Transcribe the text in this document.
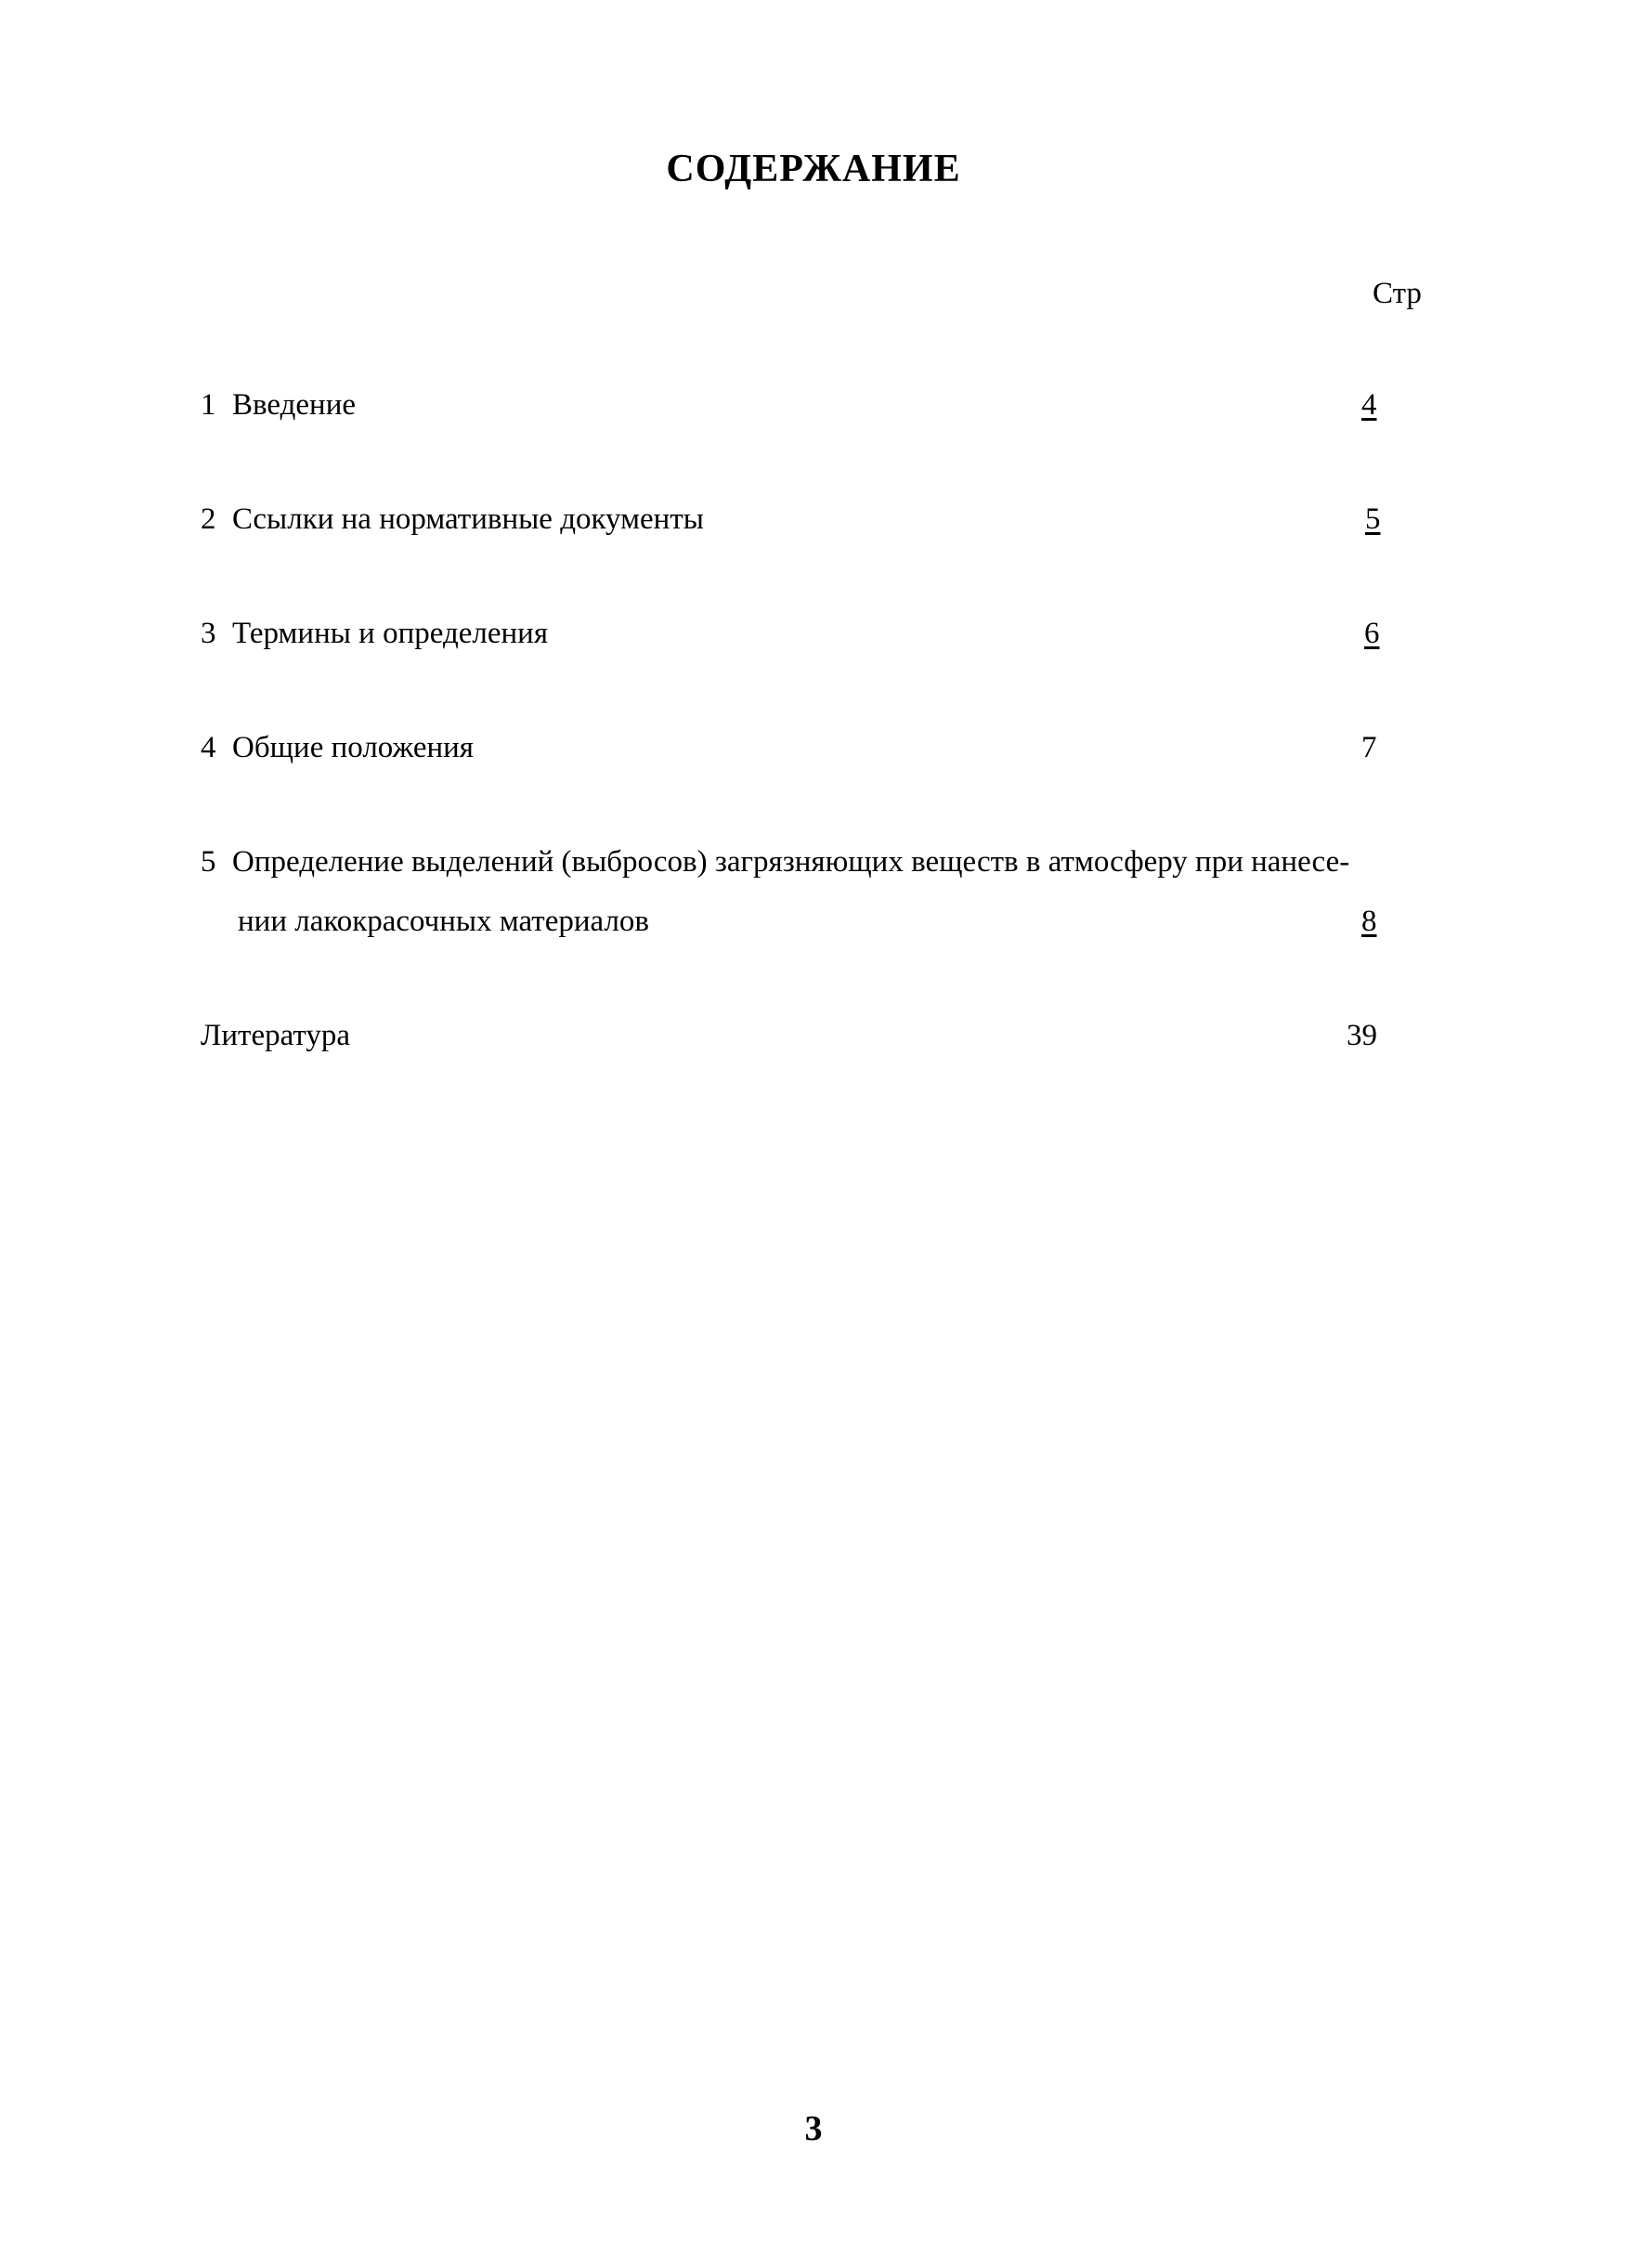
СОДЕРЖАНИЕ
Стр
1 Введение	4
2 Ссылки на нормативные документы	5
3 Термины и определения	6
4 Общие положения	7
5 Определение выделений (выбросов) загрязняющих веществ в атмосферу при нанесе-
нии лакокрасочных материалов	8
Литература	39
3
